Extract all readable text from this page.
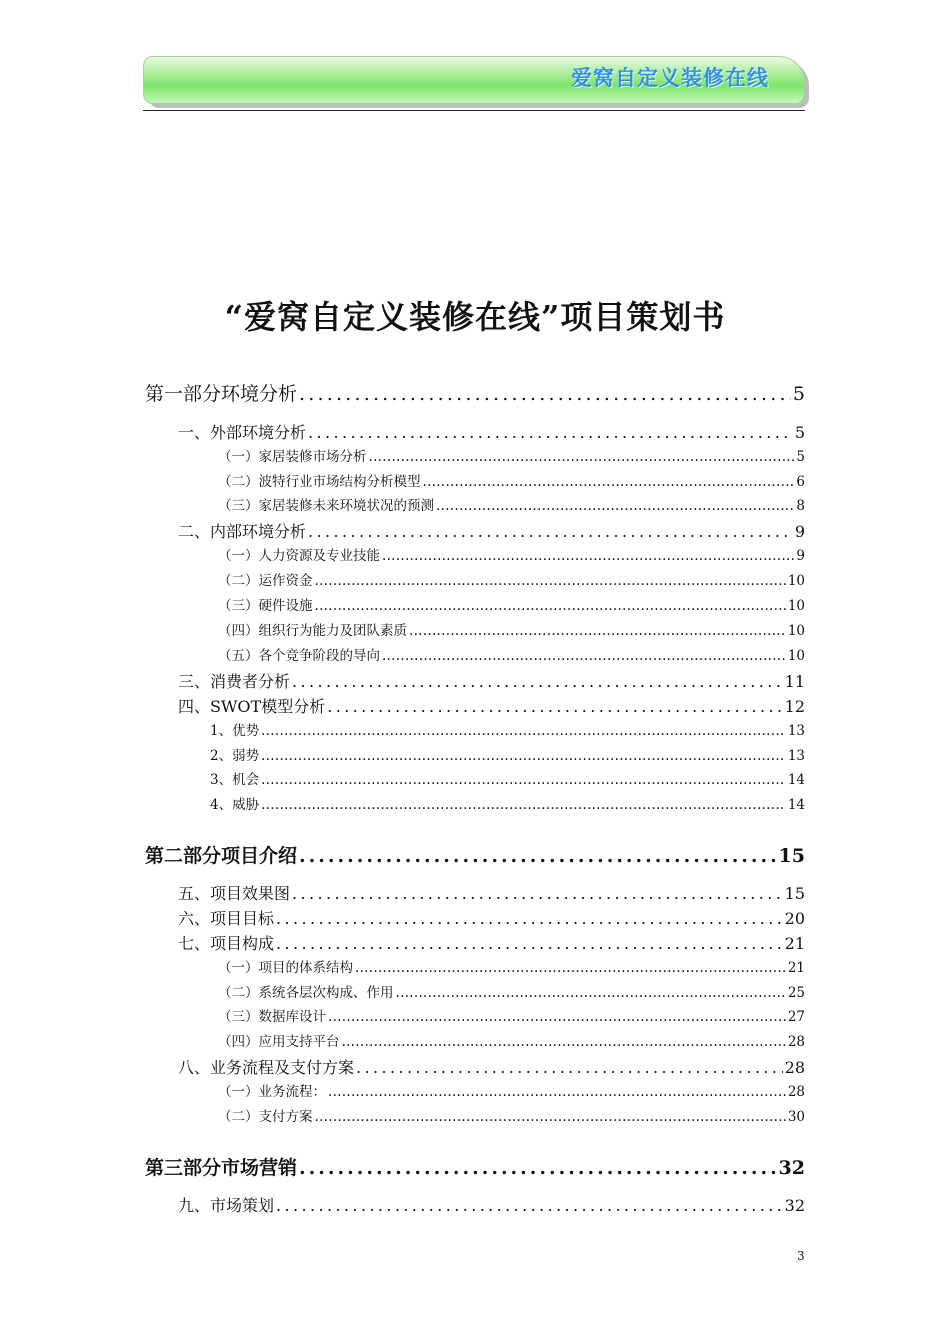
爱窝自定义装修在线
“爱窝自定义装修在线”项目策划书
第一部分 环境分析 .....	5
一、 外部环境分析 .....	5
（一） 家居装修市场分析 .....	5
（二） 波特行业市场结构分析模型 .....	6
（三） 家居装修未来环境状况的预测 .....	8
二、 内部环境分析 .....	9
（一） 人力资源及专业技能 .....	9
（二） 运作资金 .....	10
（三） 硬件设施 .....	10
（四） 组织行为能力及团队素质 .....	10
（五） 各个竞争阶段的导向 .....	10
三、 消费者分析 .....	11
四、 SWOT模型分析 .....	12
1、 优势 .....	13
2、 弱势 .....	13
3、 机会 .....	14
4、 威胁 .....	14
第二部分 项目介绍 .....	15
五、 项目效果图 .....	15
六、 项目目标 .....	20
七、 项目构成 .....	21
（一） 项目的体系结构 .....	21
（二） 系统各层次构成、作用 .....	25
（三） 数据库设计 .....	27
（四） 应用支持平台 .....	28
八、 业务流程及支付方案 .....	28
（一） 业务流程： .....	28
（二） 支付方案 .....	30
第三部分 市场营销 .....	32
九、 市场策划 .....	32
3
